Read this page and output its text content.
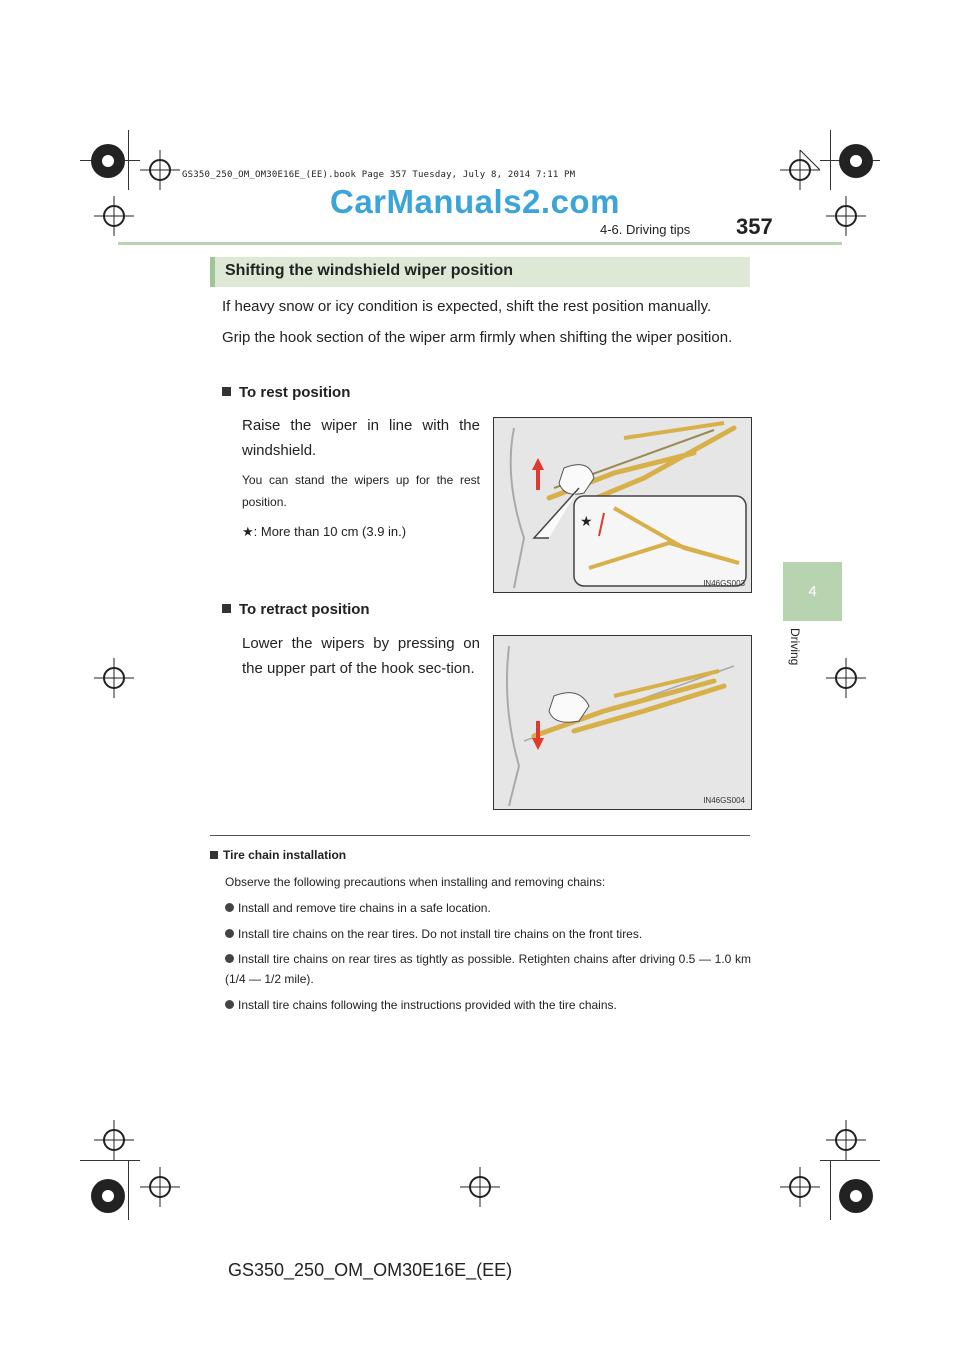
GS350_250_OM_OM30E16E_(EE).book Page 357 Tuesday, July 8, 2014 7:11 PM
CarManuals2.com
4-6. Driving tips 357
4
Driving
Shifting the windshield wiper position
If heavy snow or icy condition is expected, shift the rest position manually.
Grip the hook section of the wiper arm firmly when shifting the wiper position.
To rest position
Raise the wiper in line with the windshield.
You can stand the wipers up for the rest position.
★: More than 10 cm (3.9 in.)
★
IN46GS003
To retract position
Lower the wipers by pressing on the upper part of the hook sec-tion.
IN46GS004
Tire chain installation
Observe the following precautions when installing and removing chains:
Install and remove tire chains in a safe location.
Install tire chains on the rear tires. Do not install tire chains on the front tires.
Install tire chains on rear tires as tightly as possible. Retighten chains after driving 0.5 — 1.0 km (1/4 — 1/2 mile).
Install tire chains following the instructions provided with the tire chains.
GS350_250_OM_OM30E16E_(EE)
